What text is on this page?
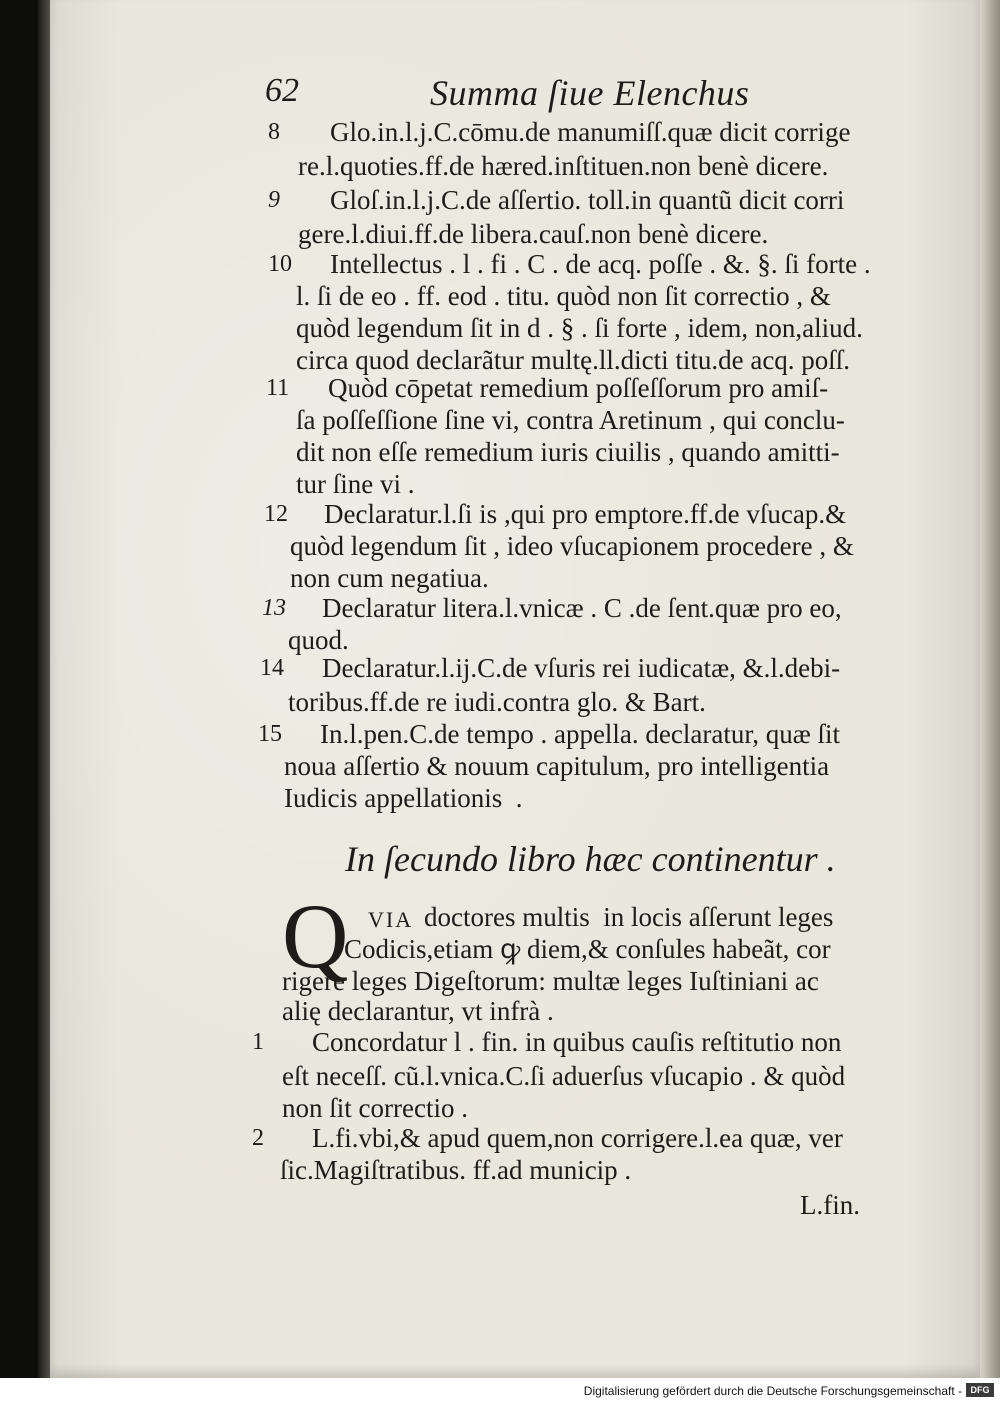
62	Summa ſiue Elenchus
8 Glo.in.l.j.C.cōmu.de manumiſſ.quæ dicit corrige
re.l.quoties.ff.de hæred.inſtituen.non benè dicere.
9 Gloſ.in.l.j.C.de aſſertio. toll.in quantũ dicit corri
gere.l.diui.ff.de libera.cauſ.non benè dicere.
10 Intellectus . l . fi . C . de acq. poſſe . &. §. ſi forte .
l. ſi de eo . ff. eod . titu. quòd non ſit correctio , &
quòd legendum ſit in d . § . ſi forte , idem, non,aliud.
circa quod declarãtur multę.ll.dicti titu.de acq. poſſ.
11 Quòd cōpetat remedium poſſeſſorum pro amiſ-
ſa poſſeſſione ſine vi, contra Aretinum , qui conclu-
dit non eſſe remedium iuris ciuilis , quando amitti-
tur ſine vi .
12 Declaratur.l.ſi is ,qui pro emptore.ff.de vſucap.&
quòd legendum ſit , ideo vſucapionem procedere , &
non cum negatiua.
13 Declaratur litera.l.vnicæ . C .de ſent.quæ pro eo,
quod.
14 Declaratur.l.ij.C.de vſuris rei iudicatæ, &.l.debi-
toribus.ff.de re iudi.contra glo. & Bart.
15 In.l.pen.C.de tempo . appella. declaratur, quæ ſit
noua aſſertio & nouum capitulum, pro intelligentia
Iudicis appellationis  .
In ſecundo libro hæc continentur .
Q VIA doctores multis  in locis aſſerunt leges
Codicis,etiam ꝙ diem,& conſules habeãt, cor
rigere leges Digeſtorum: multæ leges Iuſtiniani ac
alię declarantur, vt infrà .
1 Concordatur l . fin. in quibus cauſis reſtitutio non
eſt neceſſ. cũ.l.vnica.C.ſi aduerſus vſucapio . & quòd
non ſit correctio .
2 L.fi.vbi,& apud quem,non corrigere.l.ea quæ, ver
ſic.Magiſtratibus. ff.ad municip .
L.fin.
Digitalisierung gefördert durch die Deutsche Forschungsgemeinschaft - DFG
